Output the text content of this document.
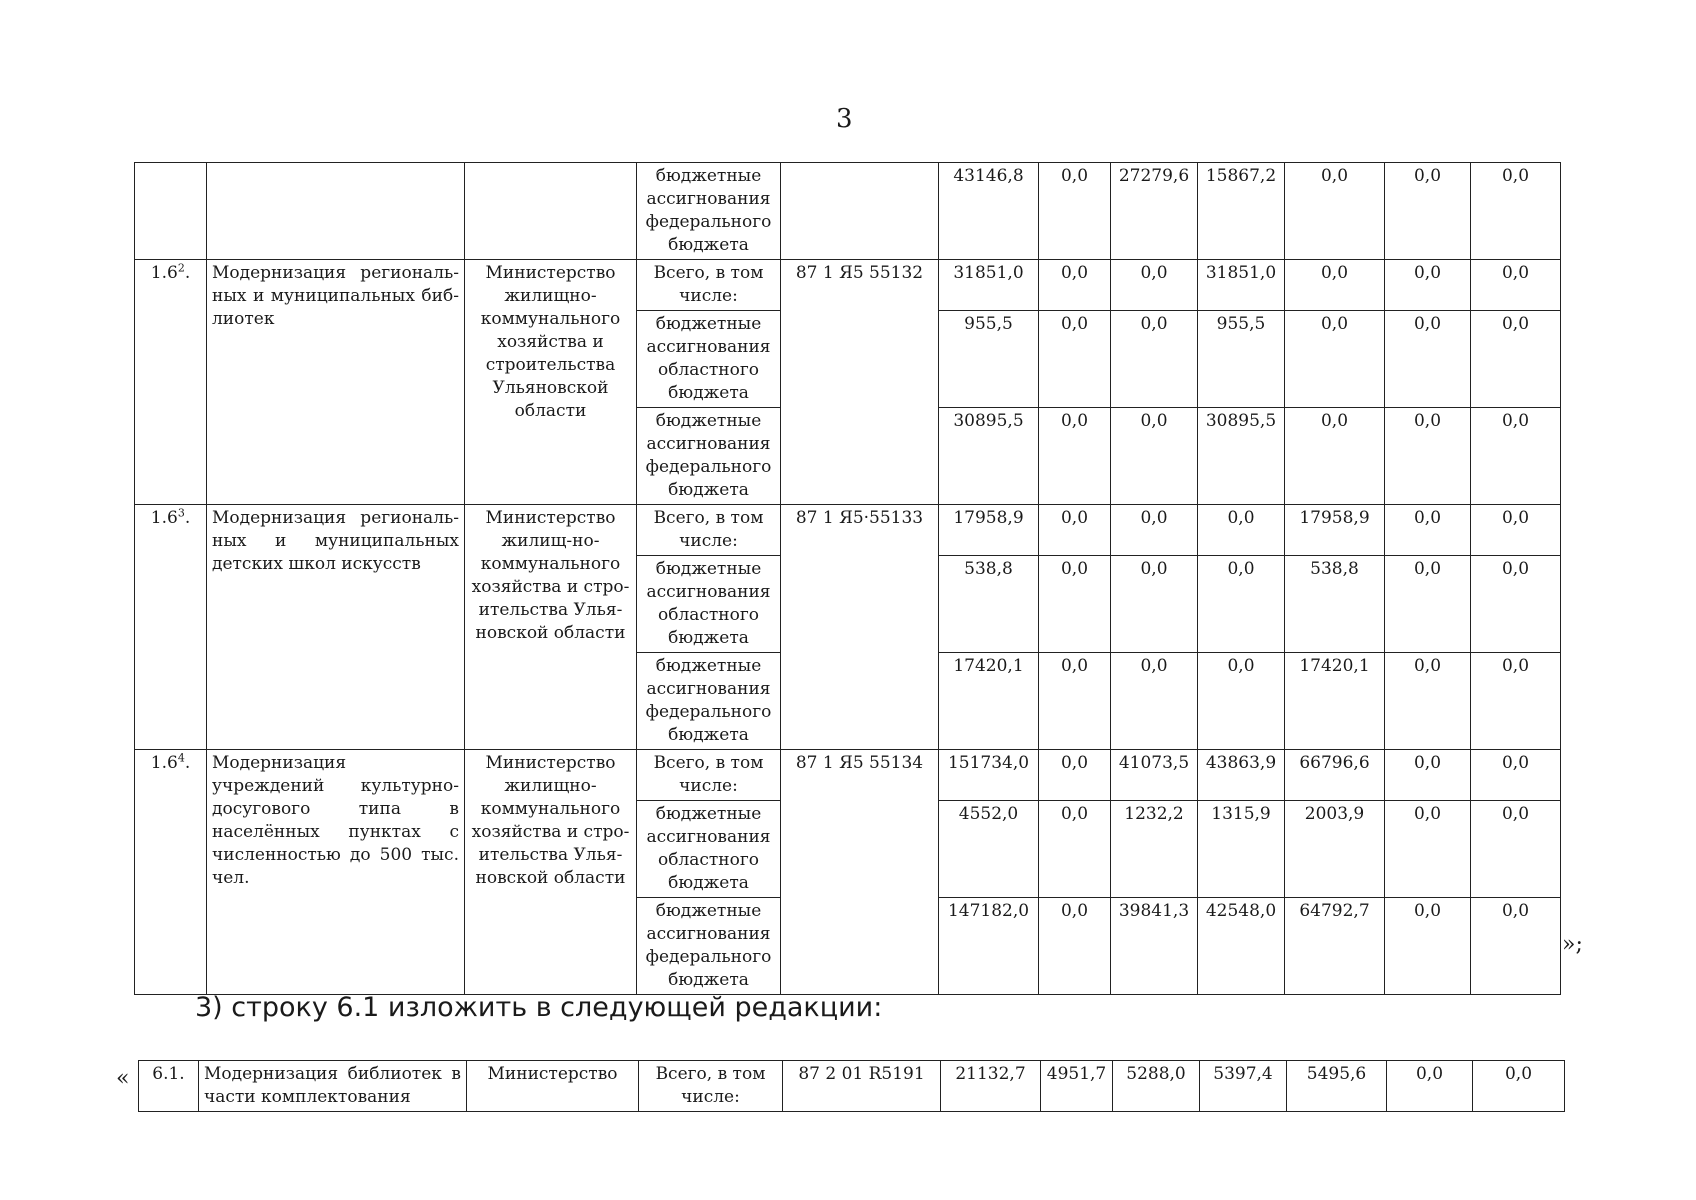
3
			бюджетные ассигнования федерального бюджета		43146,8	0,0	27279,6	15867,2	0,0	0,0	0,0
$1.6^2$.	Модернизация региональных и муниципальных библиотек	Министерство жилищно-коммунального хозяйства и строительства Ульяновской области	Всего, в том числе:	87 1 Я5 55132	31851,0	0,0	0,0	31851,0	0,0	0,0	0,0
			бюджетные ассигнования областного бюджета		955,5	0,0	0,0	955,5	0,0	0,0	0,0
			бюджетные ассигнования федерального бюджета		30895,5	0,0	0,0	30895,5	0,0	0,0	0,0
$1.6^3$.	Модернизация региональных и муниципальных детских школ искусств	Министерство жилищ-но-коммунального хозяйства и строительства Ульяновской области	Всего, в том числе:	87 1 Я5·55133	17958,9	0,0	0,0	0,0	17958,9	0,0	0,0
			бюджетные ассигнования областного бюджета		538,8	0,0	0,0	0,0	538,8	0,0	0,0
			бюджетные ассигнования федерального бюджета		17420,1	0,0	0,0	0,0	17420,1	0,0	0,0
$1.6^4$.	Модернизация учреждений культурно-досугового типа в населённых пунктах с численностью до 500 тыс. чел.	Министерство жилищно-коммунального хозяйства и строительства Ульяновской области	Всего, в том числе:	87 1 Я5 55134	151734,0	0,0	41073,5	43863,9	66796,6	0,0	0,0
			бюджетные ассигнования областного бюджета		4552,0	0,0	1232,2	1315,9	2003,9	0,0	0,0
			бюджетные ассигнования федерального бюджета		147182,0	0,0	39841,3	42548,0	64792,7	0,0	0,0
»;
3) строку 6.1 изложить в следующей редакции:
« 6.1.	Модернизация библиотек в части комплектования	Министерство	Всего, в том числе:	87 2 01 R5191	21132,7	4951,7	5288,0	5397,4	5495,6	0,0	0,0
